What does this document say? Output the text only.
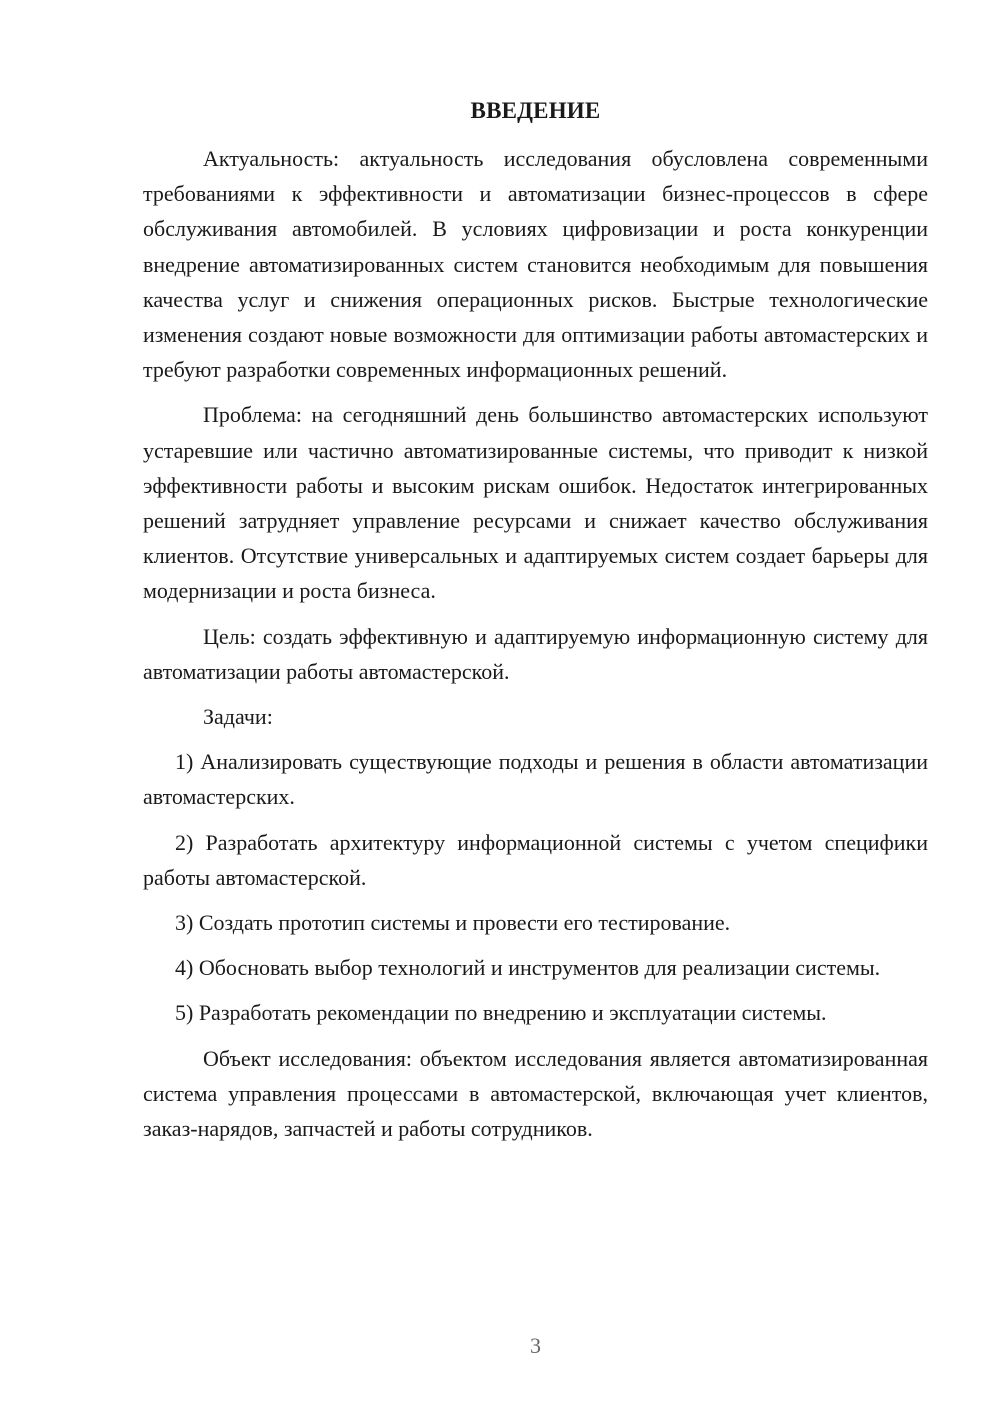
ВВЕДЕНИЕ

Актуальность: актуальность исследования обусловлена современными требованиями к эффективности и автоматизации бизнес-процессов в сфере обслуживания автомобилей. В условиях цифровизации и роста конкуренции внедрение автоматизированных систем становится необходимым для повышения качества услуг и снижения операционных рисков. Быстрые технологические изменения создают новые возможности для оптимизации работы автомастерских и требуют разработки современных информационных решений.

Проблема: на сегодняшний день большинство автомастерских используют устаревшие или частично автоматизированные системы, что приводит к низкой эффективности работы и высоким рискам ошибок. Недостаток интегрированных решений затрудняет управление ресурсами и снижает качество обслуживания клиентов. Отсутствие универсальных и адаптируемых систем создает барьеры для модернизации и роста бизнеса.

Цель: создать эффективную и адаптируемую информационную систему для автоматизации работы автомастерской.

Задачи:

1) Анализировать существующие подходы и решения в области автоматизации автомастерских.

2) Разработать архитектуру информационной системы с учетом специфики работы автомастерской.

3) Создать прототип системы и провести его тестирование.

4) Обосновать выбор технологий и инструментов для реализации системы.

5) Разработать рекомендации по внедрению и эксплуатации системы.

Объект исследования: объектом исследования является автоматизированная система управления процессами в автомастерской, включающая учет клиентов, заказ-нарядов, запчастей и работы сотрудников.

3
